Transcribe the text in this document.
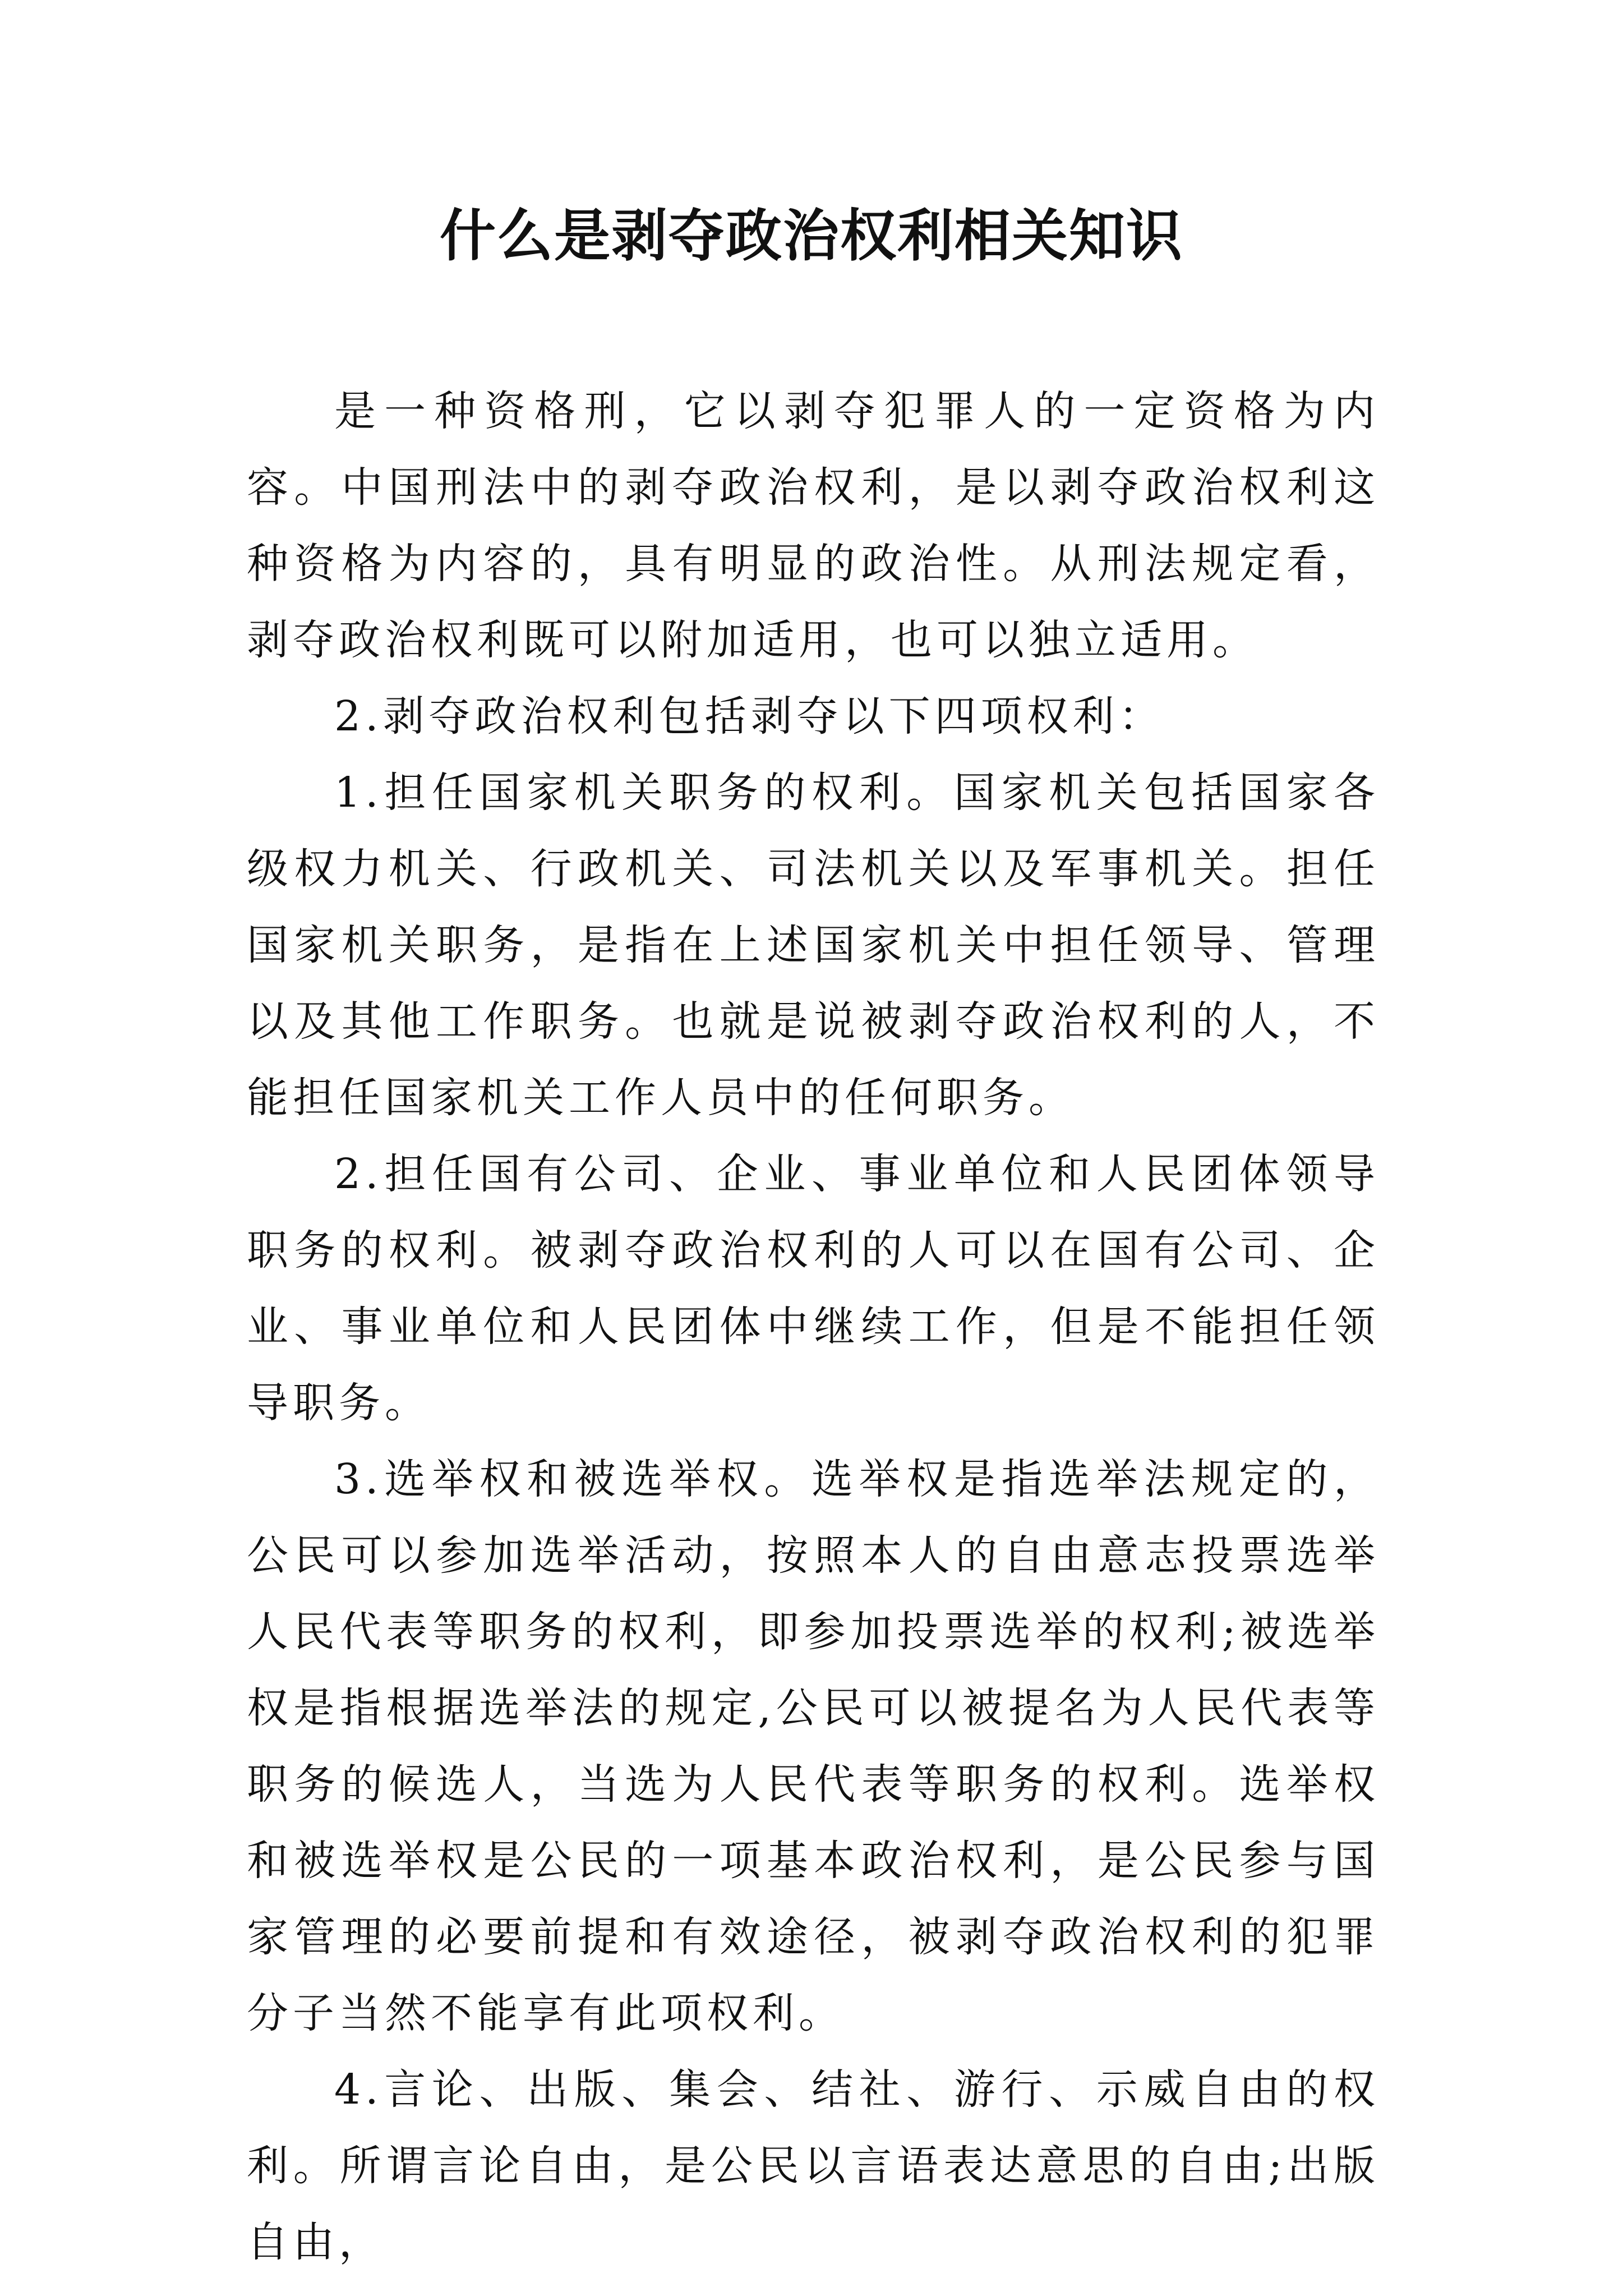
什么是剥夺政治权利相关知识

是一种资格刑，它以剥夺犯罪人的一定资格为内容。中国刑法中的剥夺政治权利，是以剥夺政治权利这种资格为内容的，具有明显的政治性。从刑法规定看，剥夺政治权利既可以附加适用，也可以独立适用。

2.剥夺政治权利包括剥夺以下四项权利：

1.担任国家机关职务的权利。国家机关包括国家各级权力机关、行政机关、司法机关以及军事机关。担任国家机关职务，是指在上述国家机关中担任领导、管理以及其他工作职务。也就是说被剥夺政治权利的人，不能担任国家机关工作人员中的任何职务。

2.担任国有公司、企业、事业单位和人民团体领导职务的权利。被剥夺政治权利的人可以在国有公司、企业、事业单位和人民团体中继续工作，但是不能担任领导职务。

3.选举权和被选举权。选举权是指选举法规定的，公民可以参加选举活动，按照本人的自由意志投票选举人民代表等职务的权利，即参加投票选举的权利;被选举权是指根据选举法的规定,公民可以被提名为人民代表等职务的候选人，当选为人民代表等职务的权利。选举权和被选举权是公民的一项基本政治权利，是公民参与国家管理的必要前提和有效途径，被剥夺政治权利的犯罪分子当然不能享有此项权利。

4.言论、出版、集会、结社、游行、示威自由的权利。所谓言论自由，是公民以言语表达意思的自由;出版自由，
